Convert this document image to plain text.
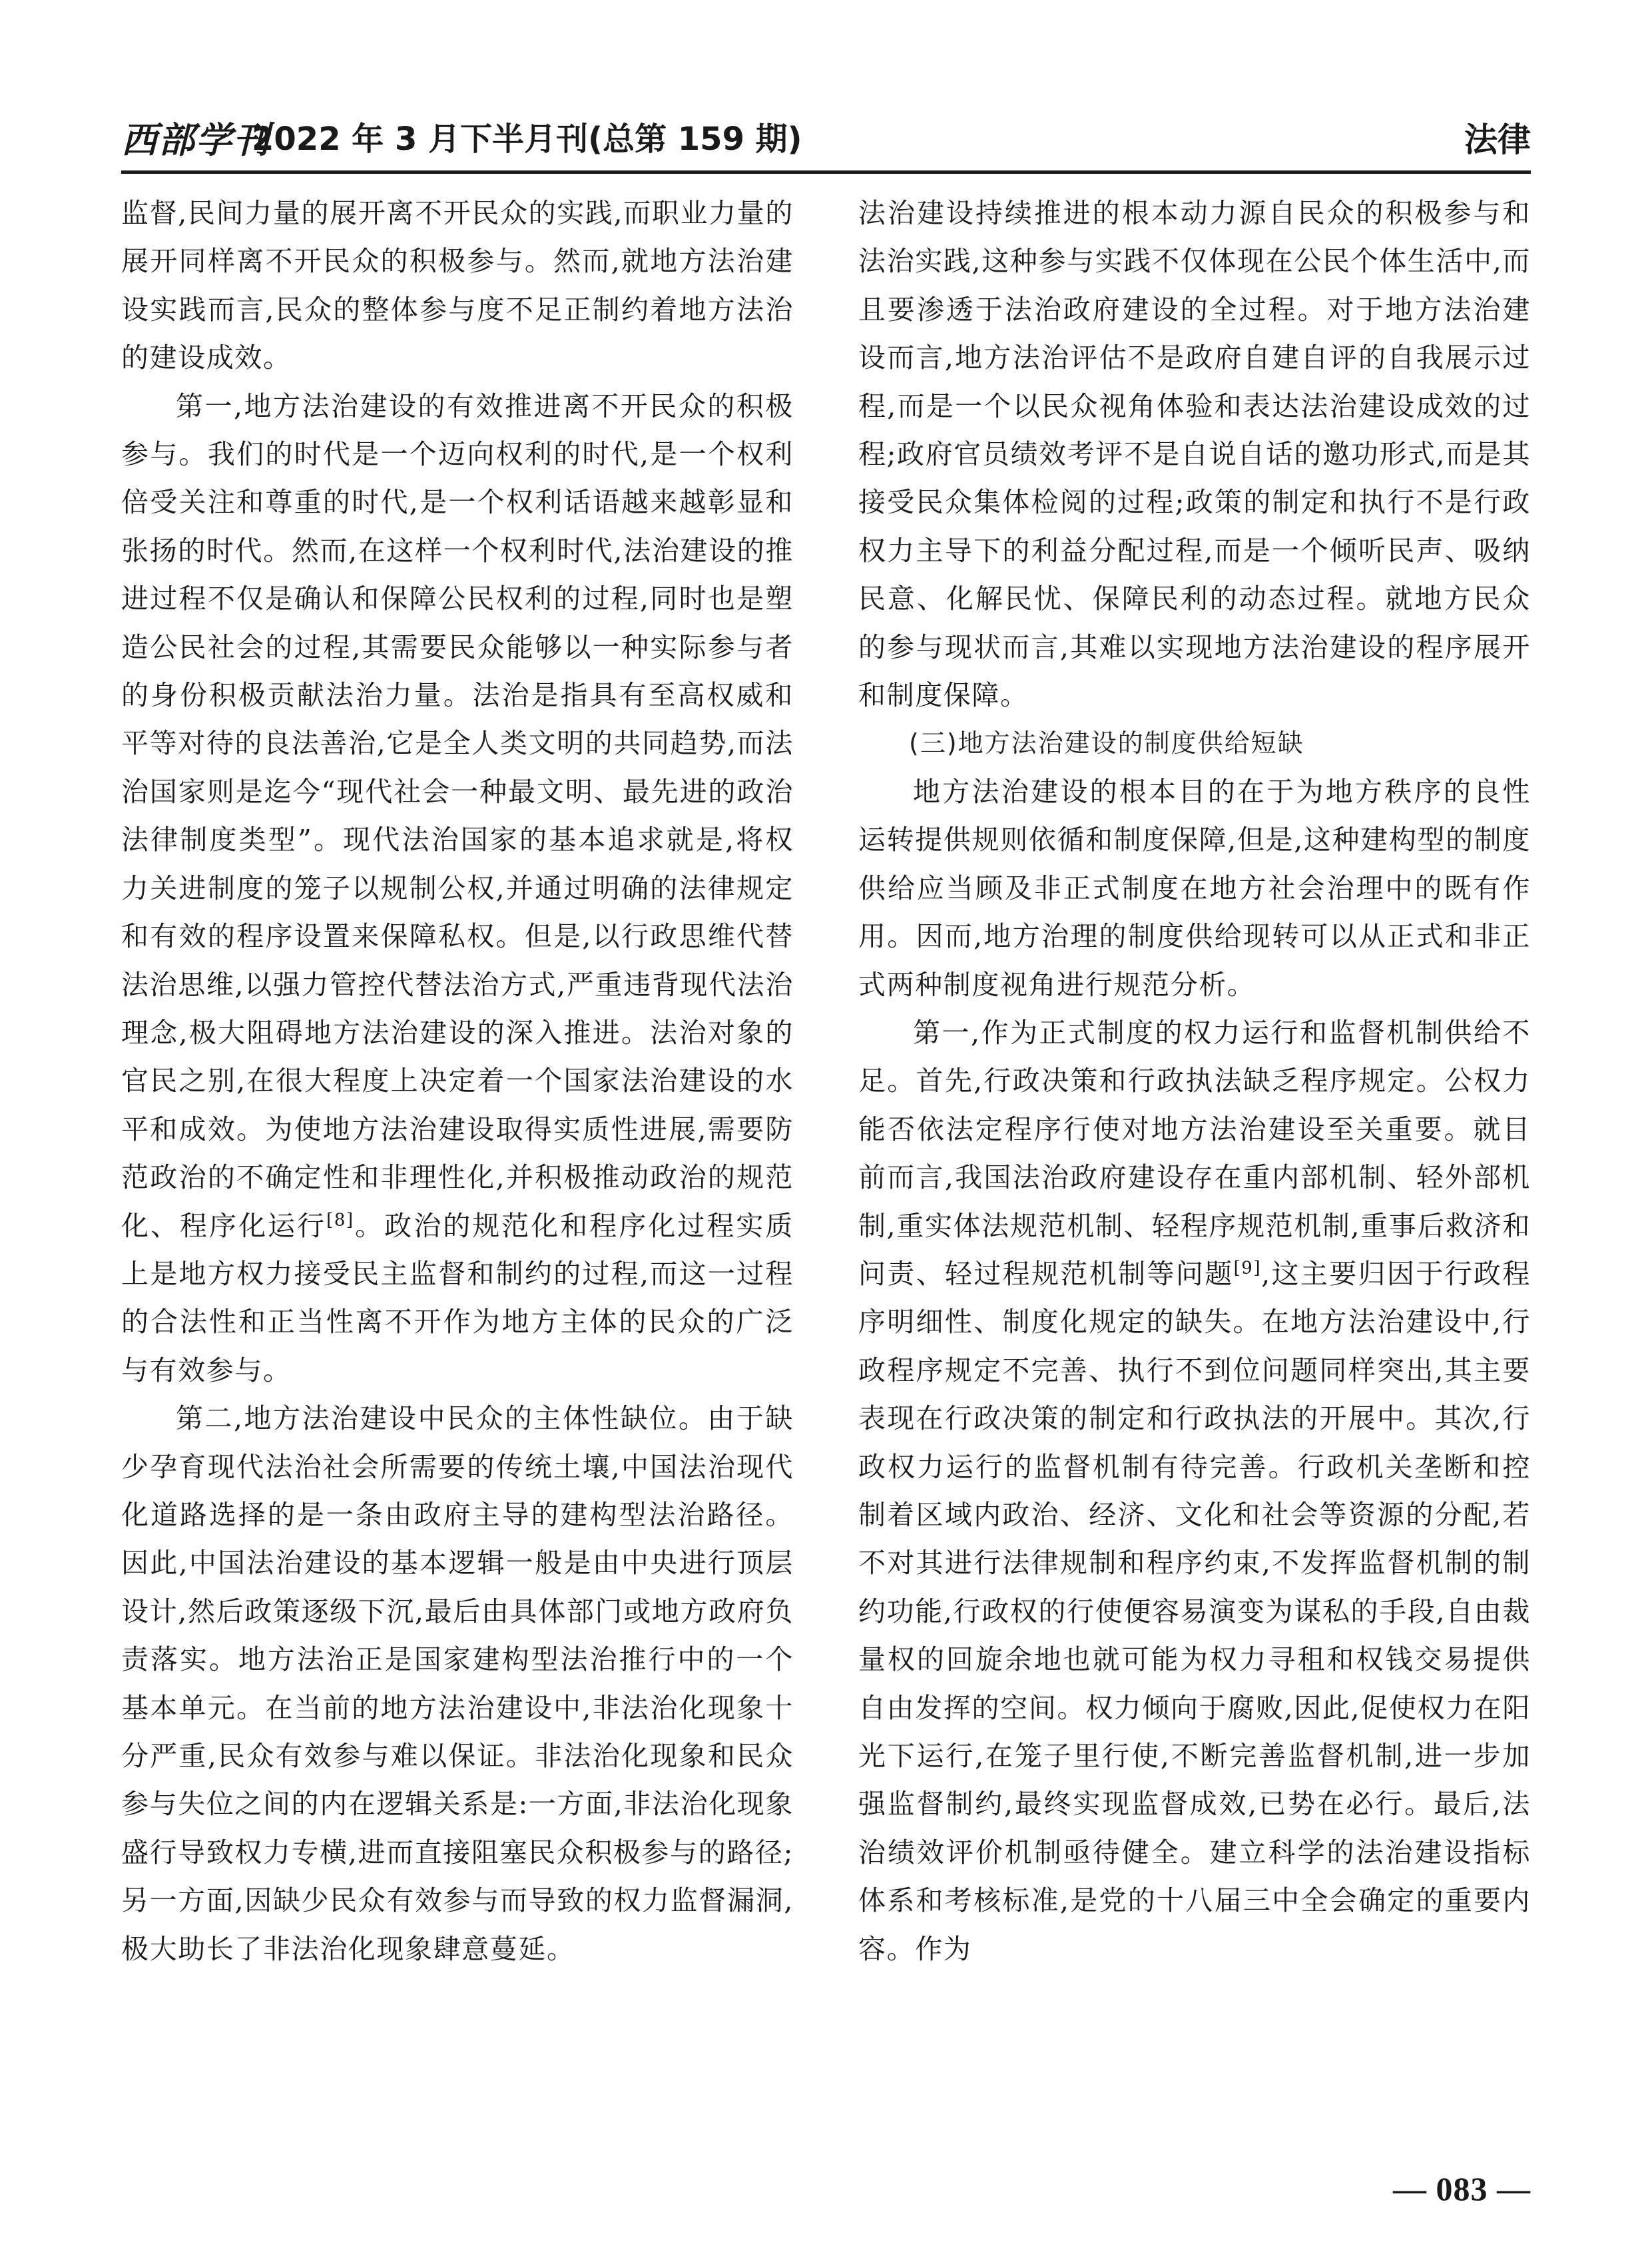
西部学刊
2022 年 3 月下半月刊(总第 159 期)	法律

监督,民间力量的展开离不开民众的实践,而职业力量的展开同样离不开民众的积极参与。然而,就地方法治建设实践而言,民众的整体参与度不足正制约着地方法治的建设成效。

第一,地方法治建设的有效推进离不开民众的积极参与。我们的时代是一个迈向权利的时代,是一个权利倍受关注和尊重的时代,是一个权利话语越来越彰显和张扬的时代。然而,在这样一个权利时代,法治建设的推进过程不仅是确认和保障公民权利的过程,同时也是塑造公民社会的过程,其需要民众能够以一种实际参与者的身份积极贡献法治力量。法治是指具有至高权威和平等对待的良法善治,它是全人类文明的共同趋势,而法治国家则是迄今“现代社会一种最文明、最先进的政治法律制度类型”。现代法治国家的基本追求就是,将权力关进制度的笼子以规制公权,并通过明确的法律规定和有效的程序设置来保障私权。但是,以行政思维代替法治思维,以强力管控代替法治方式,严重违背现代法治理念,极大阻碍地方法治建设的深入推进。法治对象的官民之别,在很大程度上决定着一个国家法治建设的水平和成效。为使地方法治建设取得实质性进展,需要防范政治的不确定性和非理性化,并积极推动政治的规范化、程序化运行[8]。政治的规范化和程序化过程实质上是地方权力接受民主监督和制约的过程,而这一过程的合法性和正当性离不开作为地方主体的民众的广泛与有效参与。

第二,地方法治建设中民众的主体性缺位。由于缺少孕育现代法治社会所需要的传统土壤,中国法治现代化道路选择的是一条由政府主导的建构型法治路径。因此,中国法治建设的基本逻辑一般是由中央进行顶层设计,然后政策逐级下沉,最后由具体部门或地方政府负责落实。地方法治正是国家建构型法治推行中的一个基本单元。在当前的地方法治建设中,非法治化现象十分严重,民众有效参与难以保证。非法治化现象和民众参与失位之间的内在逻辑关系是:一方面,非法治化现象盛行导致权力专横,进而直接阻塞民众积极参与的路径;另一方面,因缺少民众有效参与而导致的权力监督漏洞,极大助长了非法治化现象肆意蔓延。

法治建设持续推进的根本动力源自民众的积极参与和法治实践,这种参与实践不仅体现在公民个体生活中,而且要渗透于法治政府建设的全过程。对于地方法治建设而言,地方法治评估不是政府自建自评的自我展示过程,而是一个以民众视角体验和表达法治建设成效的过程;政府官员绩效考评不是自说自话的邀功形式,而是其接受民众集体检阅的过程;政策的制定和执行不是行政权力主导下的利益分配过程,而是一个倾听民声、吸纳民意、化解民忧、保障民利的动态过程。就地方民众的参与现状而言,其难以实现地方法治建设的程序展开和制度保障。

(三)地方法治建设的制度供给短缺

地方法治建设的根本目的在于为地方秩序的良性运转提供规则依循和制度保障,但是,这种建构型的制度供给应当顾及非正式制度在地方社会治理中的既有作用。因而,地方治理的制度供给现转可以从正式和非正式两种制度视角进行规范分析。

第一,作为正式制度的权力运行和监督机制供给不足。首先,行政决策和行政执法缺乏程序规定。公权力能否依法定程序行使对地方法治建设至关重要。就目前而言,我国法治政府建设存在重内部机制、轻外部机制,重实体法规范机制、轻程序规范机制,重事后救济和问责、轻过程规范机制等问题[9],这主要归因于行政程序明细性、制度化规定的缺失。在地方法治建设中,行政程序规定不完善、执行不到位问题同样突出,其主要表现在行政决策的制定和行政执法的开展中。其次,行政权力运行的监督机制有待完善。行政机关垄断和控制着区域内政治、经济、文化和社会等资源的分配,若不对其进行法律规制和程序约束,不发挥监督机制的制约功能,行政权的行使便容易演变为谋私的手段,自由裁量权的回旋余地也就可能为权力寻租和权钱交易提供自由发挥的空间。权力倾向于腐败,因此,促使权力在阳光下运行,在笼子里行使,不断完善监督机制,进一步加强监督制约,最终实现监督成效,已势在必行。最后,法治绩效评价机制亟待健全。建立科学的法治建设指标体系和考核标准,是党的十八届三中全会确定的重要内容。作为

— 083 —
